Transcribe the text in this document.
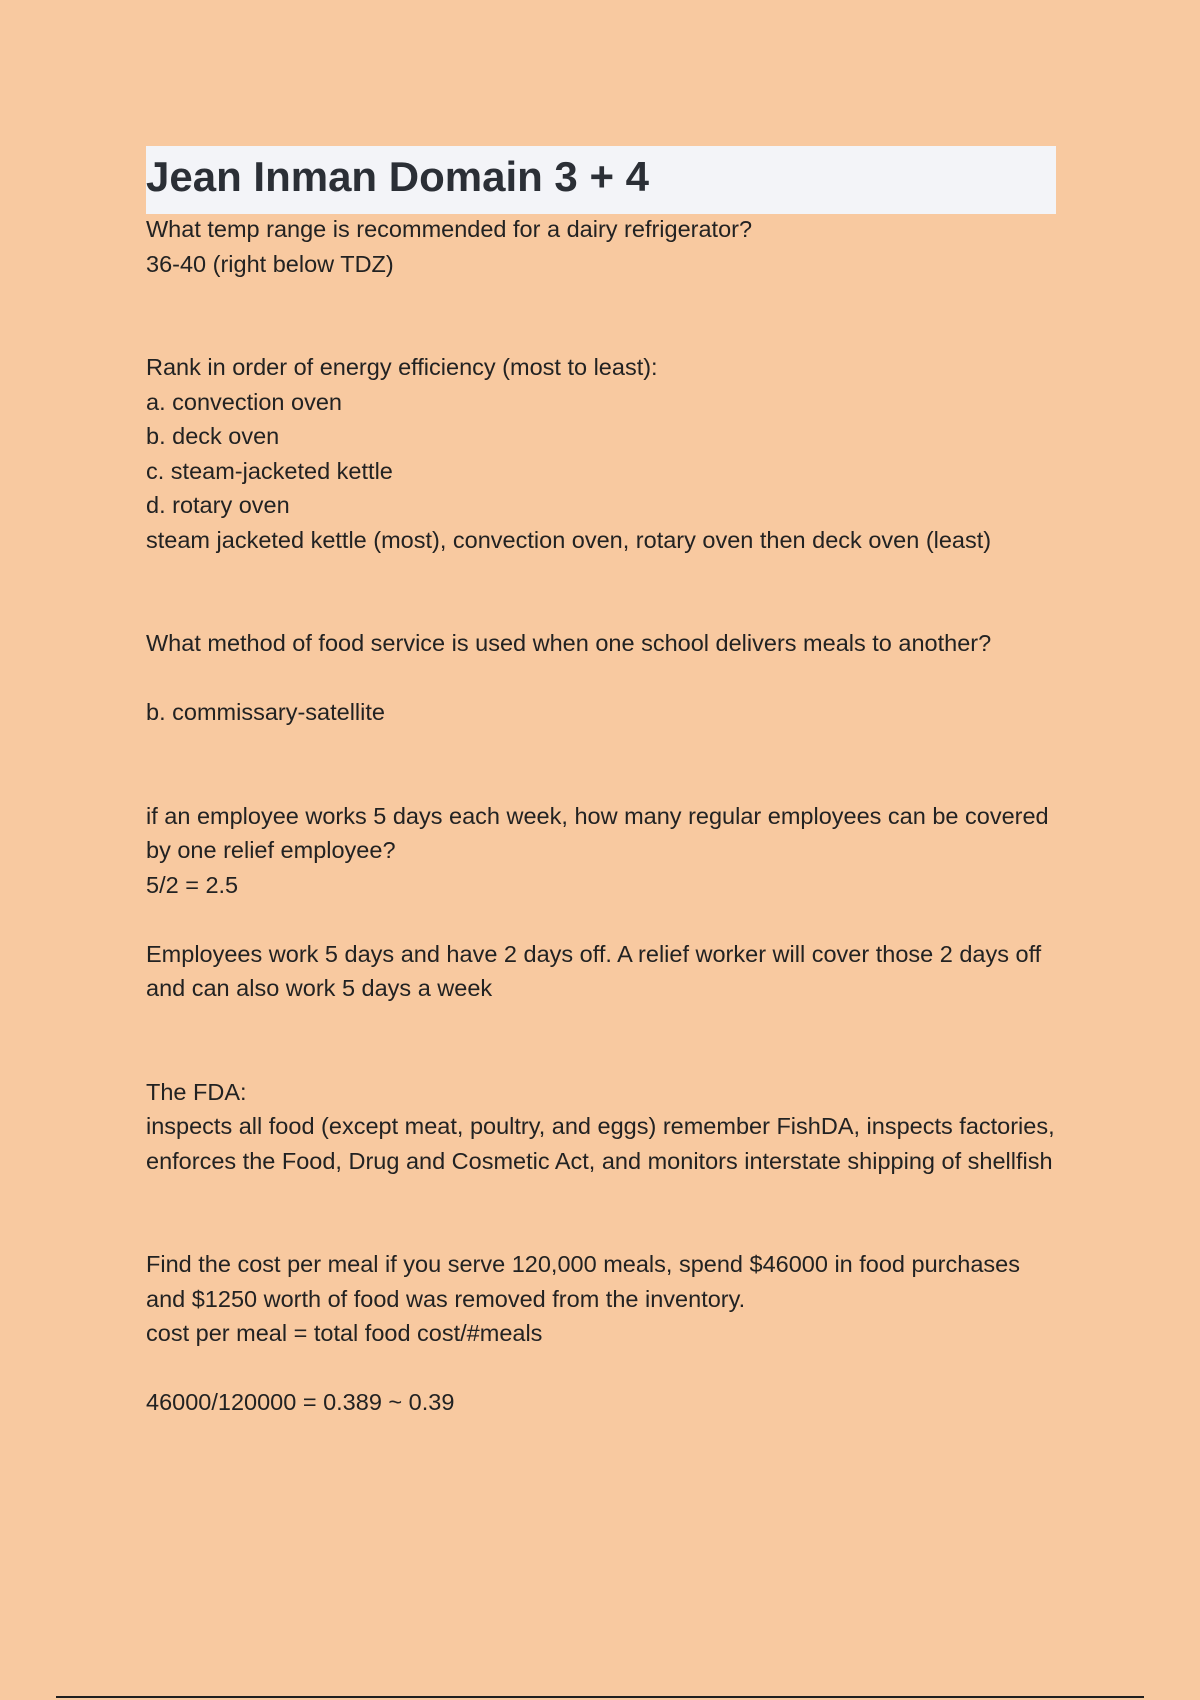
Jean Inman Domain 3 + 4

What temp range is recommended for a dairy refrigerator?

36-40 (right below TDZ)

Rank in order of energy efficiency (most to least):

a. convection oven

b. deck oven

c. steam-jacketed kettle

d. rotary oven

steam jacketed kettle (most), convection oven, rotary oven then deck oven (least)

What method of food service is used when one school delivers meals to another?

b. commissary-satellite

if an employee works 5 days each week, how many regular employees can be covered by one relief employee?

5/2 = 2.5

Employees work 5 days and have 2 days off. A relief worker will cover those 2 days off and can also work 5 days a week

The FDA:

inspects all food (except meat, poultry, and eggs) remember FishDA, inspects factories, enforces the Food, Drug and Cosmetic Act, and monitors interstate shipping of shellfish

Find the cost per meal if you serve 120,000 meals, spend $46000 in food purchases and $1250 worth of food was removed from the inventory.

cost per meal = total food cost/#meals

46000/120000 = 0.389 ~ 0.39
